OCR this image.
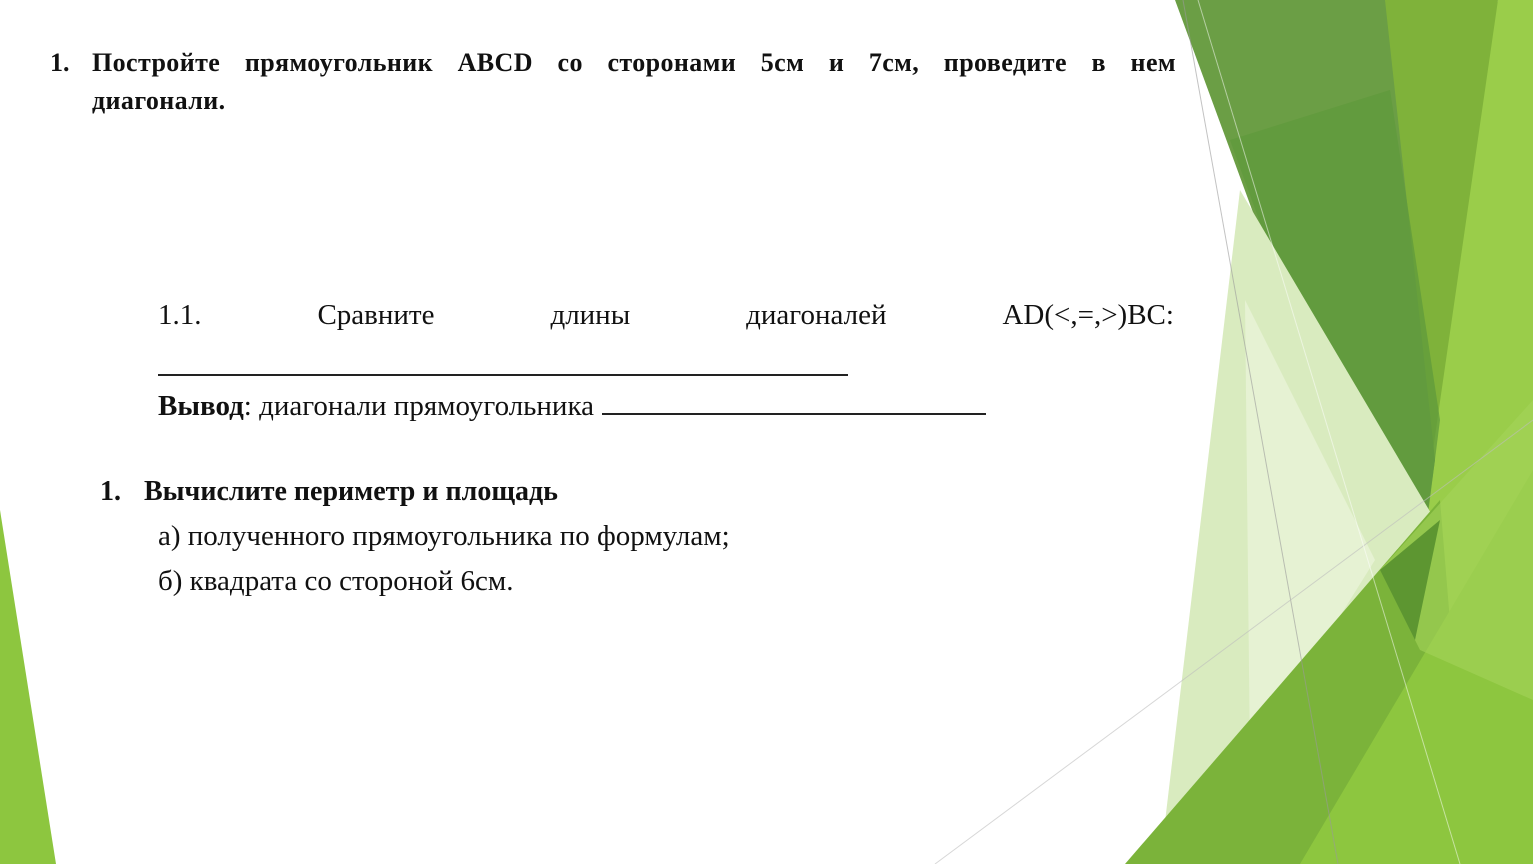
1. Постройте прямоугольник ABCD со сторонами 5см и 7см, проведите в нем диагонали.
1.1.	Сравните	длины	диагоналей	AD(<,=,>)BC:
Вывод: диагонали прямоугольника
1. Вычислите периметр и площадь
а) полученного прямоугольника по формулам;
б) квадрата со стороной 6см.
